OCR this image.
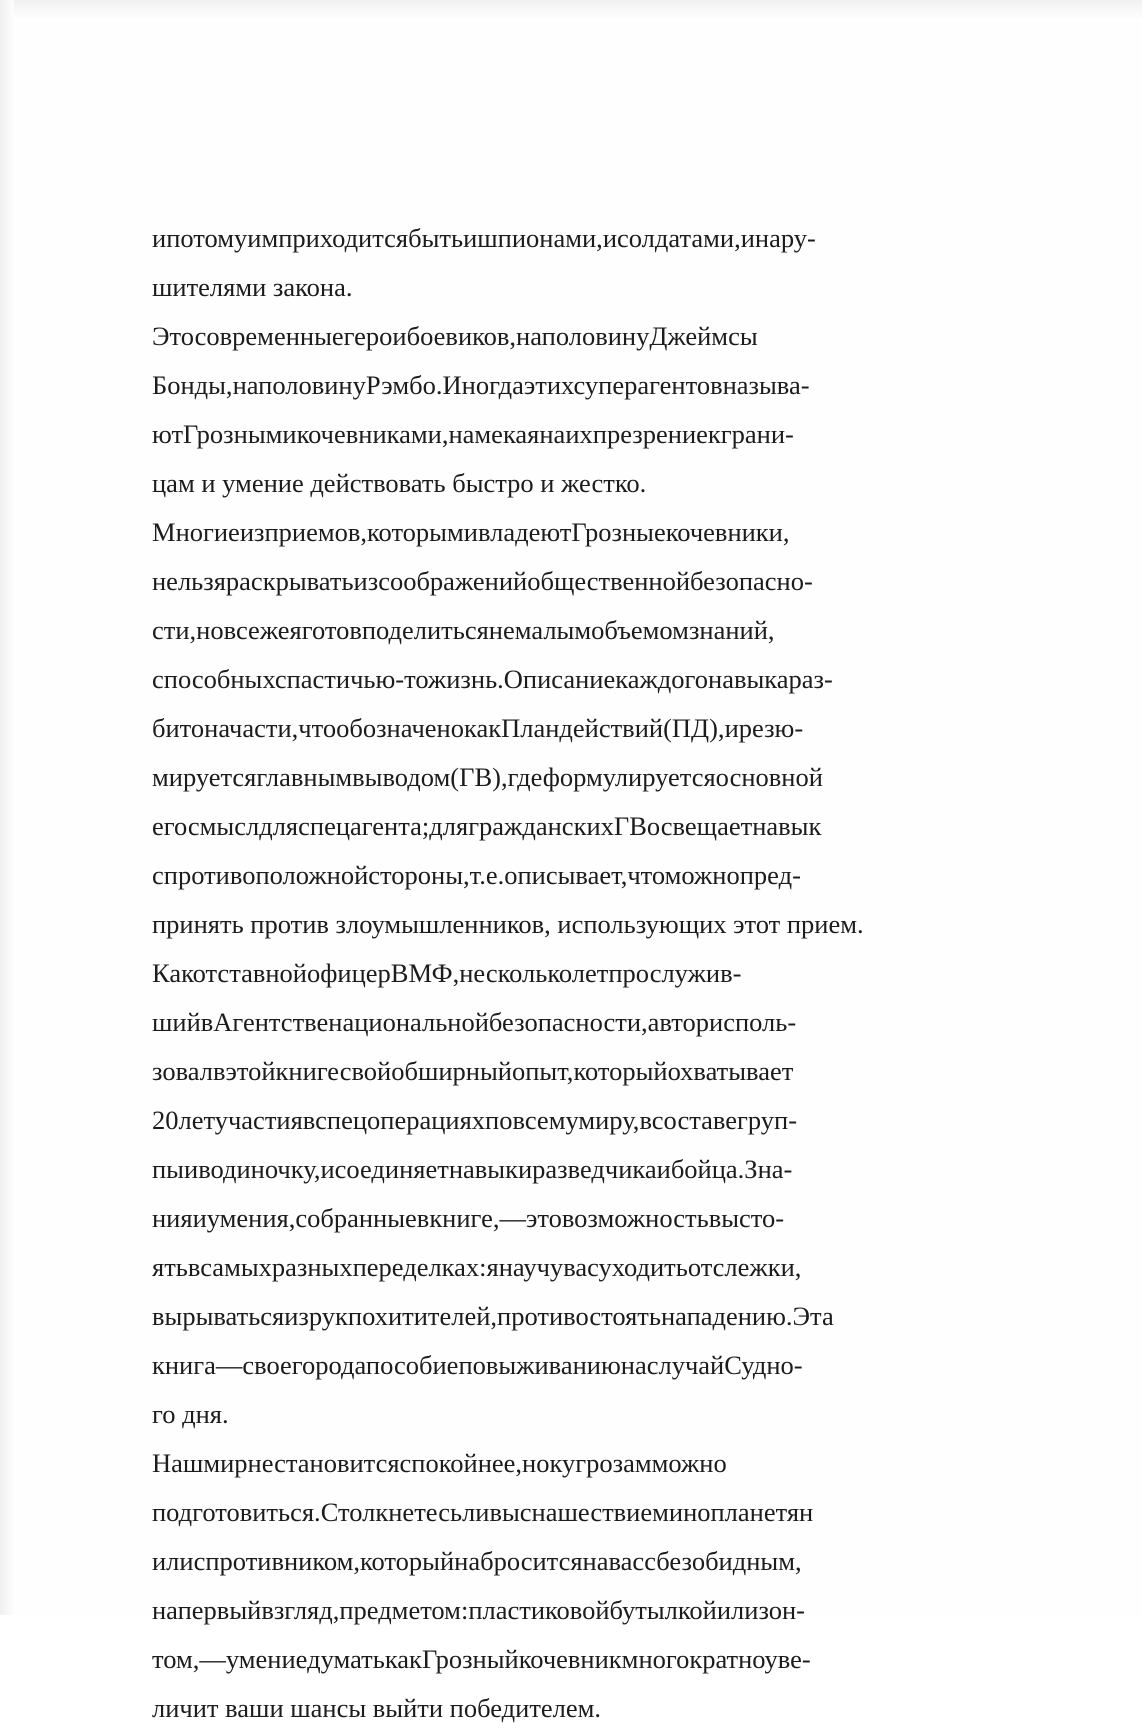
ипотомуимприходитсябытьишпионами,исолдатами,инару-
шителями закона.

Этосовременныегероибоевиков,наполовинуДжеймсы
Бонды,наполовинуРэмбо.Иногдаэтихсуперагентовназыва-
ютГрознымикочевниками,намекаянаихпрезрениекграни-
цам и умение действовать быстро и жестко.

Многиеизприемов,которымивладеютГрозныекочевники,
нельзяраскрыватьизсоображенийобщественнойбезопасно-
сти,новсежеяготовподелитьсянемалымобъемомзнаний,
способныхспастичью-тожизнь.Описаниекаждогонавыкараз-
битоначасти,чтообозначенокакПландействий(ПД),ирезю-
мируетсяглавнымвыводом(ГВ),гдеформулируетсяосновной
егосмыслдляспецагента;длягражданскихГВосвещаетнавык
спротивоположнойстороны,т.е.описывает,чтоможнопред-
принять против злоумышленников, использующих этот прием.

КакотставнойофицерВМФ,нескольколетпрослужив-
шийвАгентственациональнойбезопасности,авторисполь-
зовалвэтойкнигесвойобширныйопыт,которыйохватывает
20летучастиявспецоперацияхповсемумиру,всоставегруп-
пыиводиночку,исоединяетнавыкиразведчикаибойца.Зна-
нияиумения,собранныевкниге,—этовозможностьвысто-
ятьвсамыхразныхпеределках:янаучувасуходитьотслежки,
вырыватьсяизрукпохитителей,противостоятьнападению.Эта
книга—своегородапособиеповыживаниюнаслучайСудно-
го дня.

Нашмирнестановитсяспокойнее,нокугрозамможно
подготовиться.Столкнетесьливыснашествиеминопланетян
илиспротивником,которыйнаброситсянавассбезобидным,
напервыйвзгляд,предметом:пластиковойбутылкойилизон-
том,—умениедуматькакГрозныйкочевникмногократноуве-
личит ваши шансы выйти победителем.
